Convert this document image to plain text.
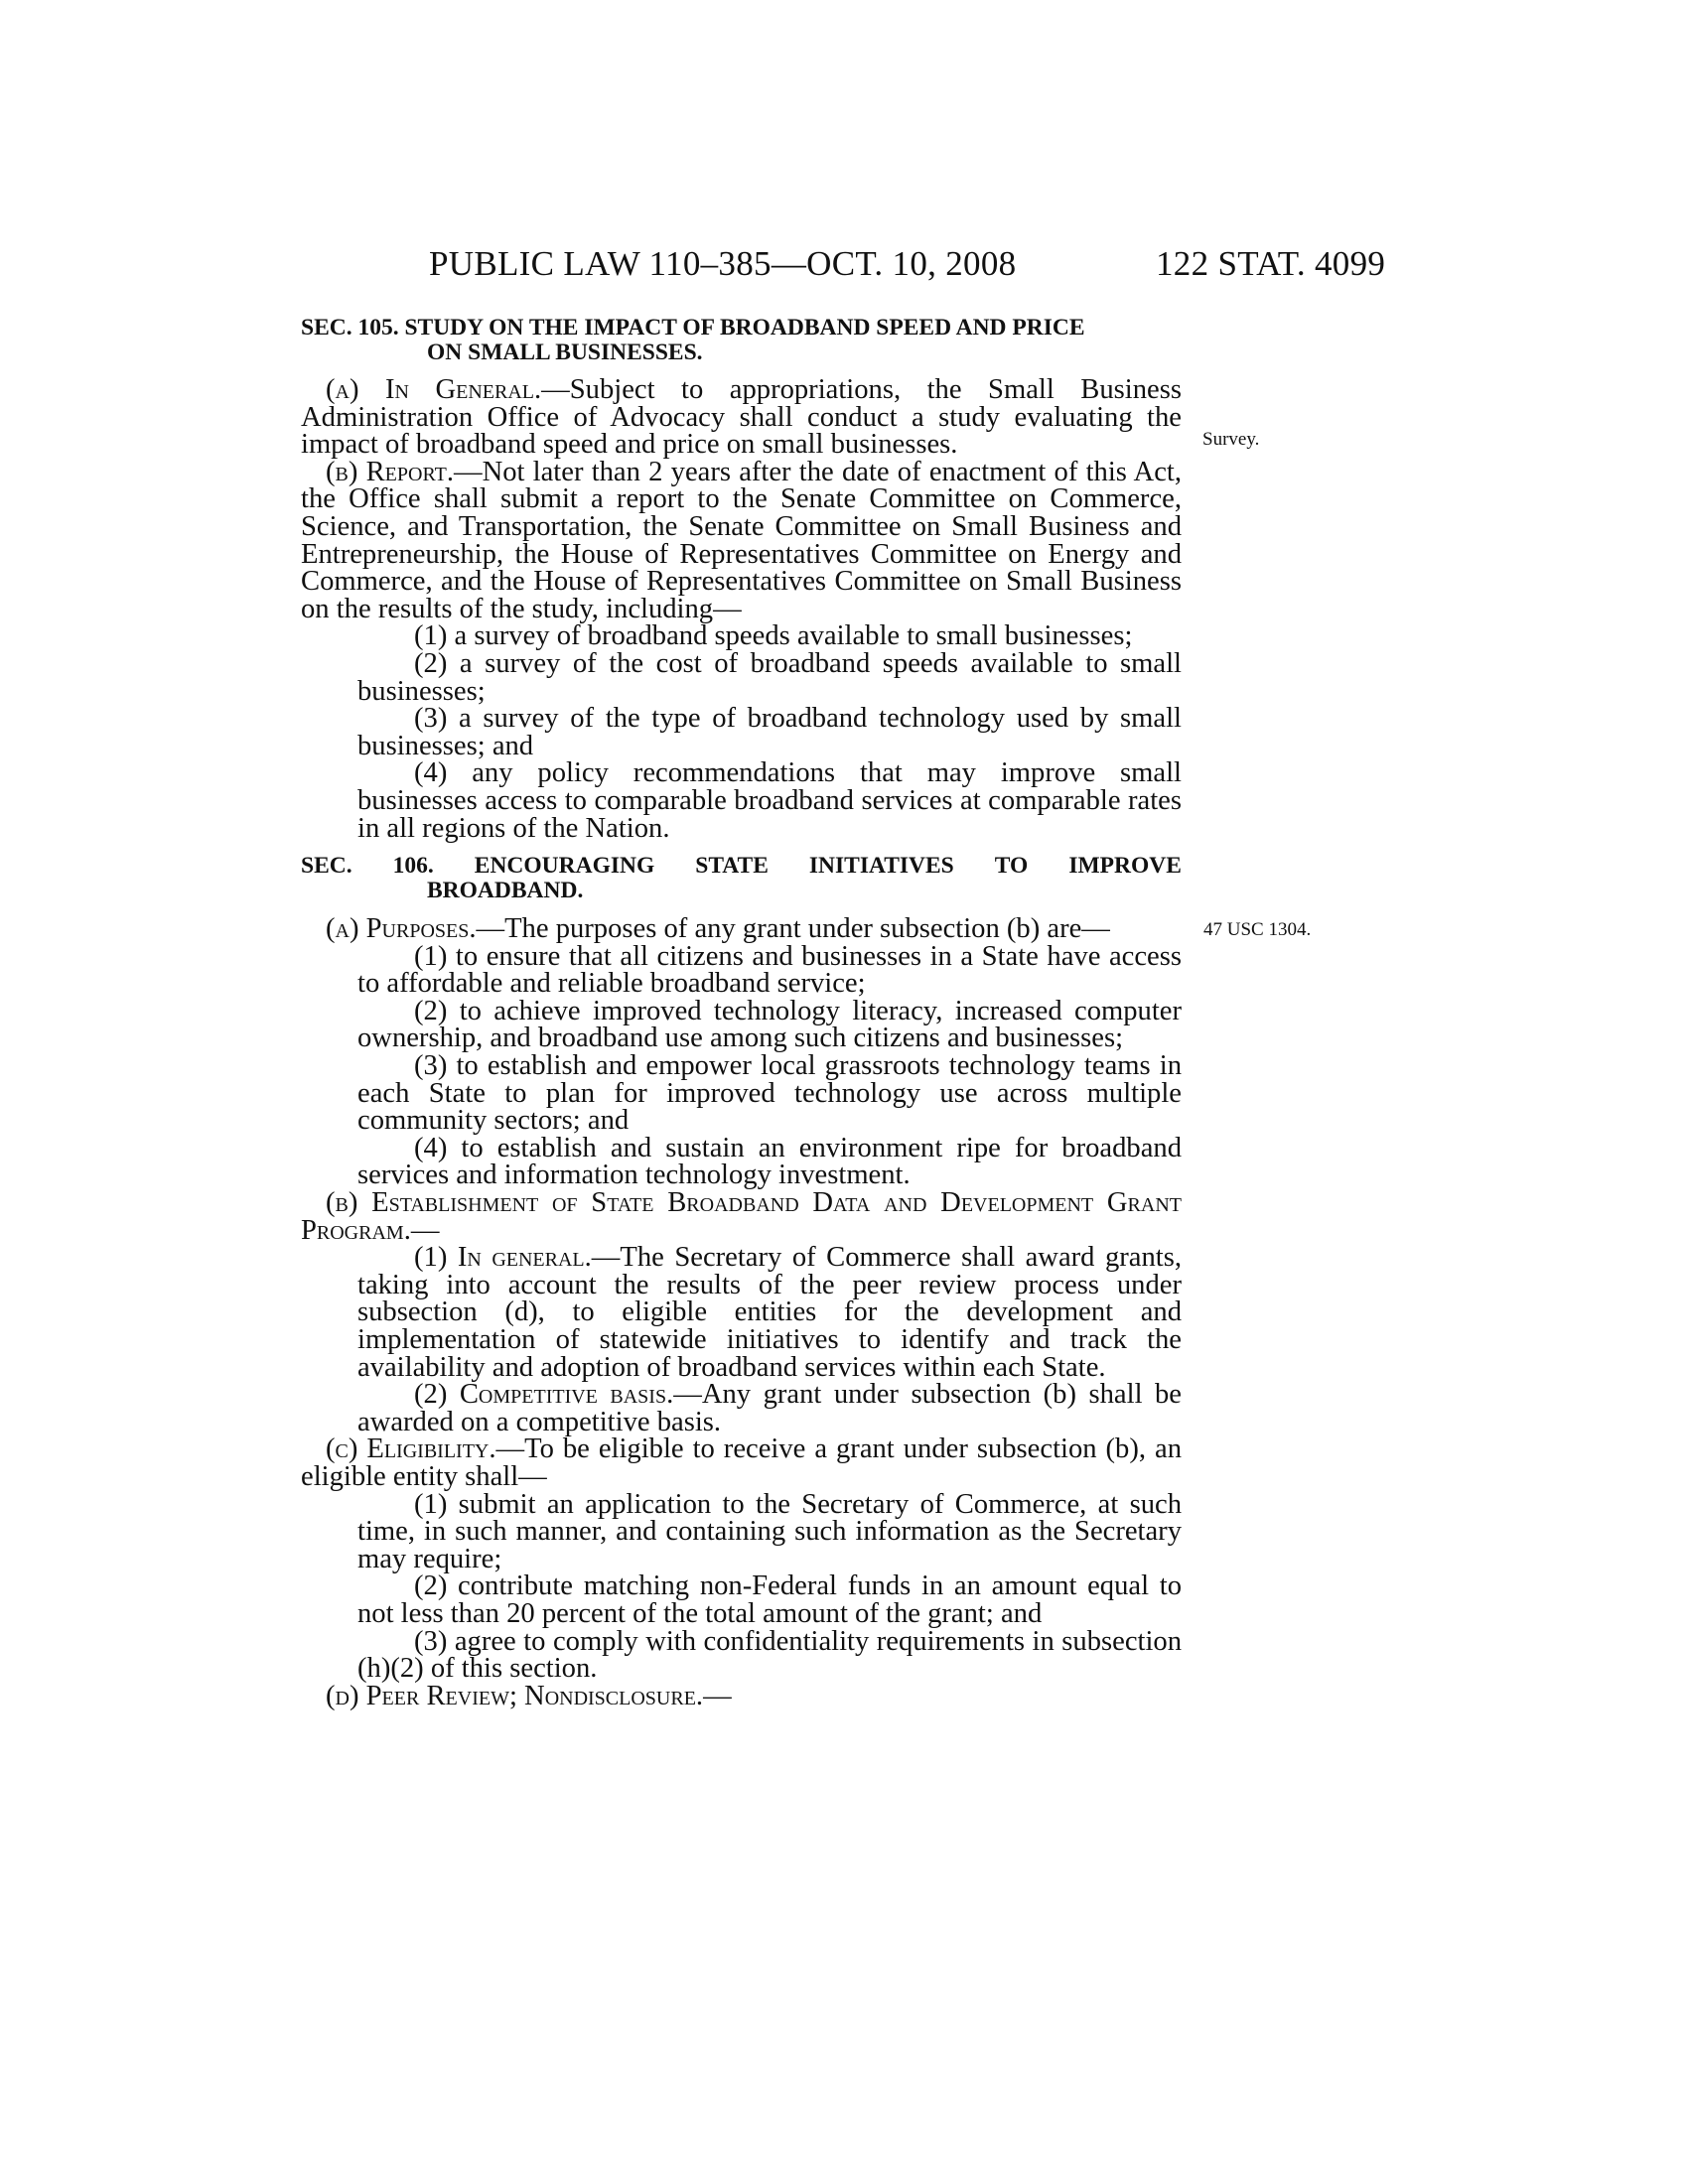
PUBLIC LAW 110–385—OCT. 10, 2008	122 STAT. 4099
Survey.
47 USC 1304.

SEC. 105. STUDY ON THE IMPACT OF BROADBAND SPEED AND PRICE
ON SMALL BUSINESSES.

(a) In General.—Subject to appropriations, the Small Business Administration Office of Advocacy shall conduct a study evaluating the impact of broadband speed and price on small businesses.

(b) Report.—Not later than 2 years after the date of enactment of this Act, the Office shall submit a report to the Senate Committee on Commerce, Science, and Transportation, the Senate Committee on Small Business and Entrepreneurship, the House of Representatives Committee on Energy and Commerce, and the House of Representatives Committee on Small Business on the results of the study, including—

(1) a survey of broadband speeds available to small businesses;

(2) a survey of the cost of broadband speeds available to small businesses;

(3) a survey of the type of broadband technology used by small businesses; and

(4) any policy recommendations that may improve small businesses access to comparable broadband services at comparable rates in all regions of the Nation.

SEC. 106. ENCOURAGING STATE INITIATIVES TO IMPROVE
BROADBAND.

(a) Purposes.—The purposes of any grant under subsection (b) are—

(1) to ensure that all citizens and businesses in a State have access to affordable and reliable broadband service;

(2) to achieve improved technology literacy, increased computer ownership, and broadband use among such citizens and businesses;

(3) to establish and empower local grassroots technology teams in each State to plan for improved technology use across multiple community sectors; and

(4) to establish and sustain an environment ripe for broadband services and information technology investment.

(b) Establishment of State Broadband Data and Development Grant Program.—

(1) In general.—The Secretary of Commerce shall award grants, taking into account the results of the peer review process under subsection (d), to eligible entities for the development and implementation of statewide initiatives to identify and track the availability and adoption of broadband services within each State.

(2) Competitive basis.—Any grant under subsection (b) shall be awarded on a competitive basis.

(c) Eligibility.—To be eligible to receive a grant under subsection (b), an eligible entity shall—

(1) submit an application to the Secretary of Commerce, at such time, in such manner, and containing such information as the Secretary may require;

(2) contribute matching non-Federal funds in an amount equal to not less than 20 percent of the total amount of the grant; and

(3) agree to comply with confidentiality requirements in subsection (h)(2) of this section.

(d) Peer Review; Nondisclosure.—
